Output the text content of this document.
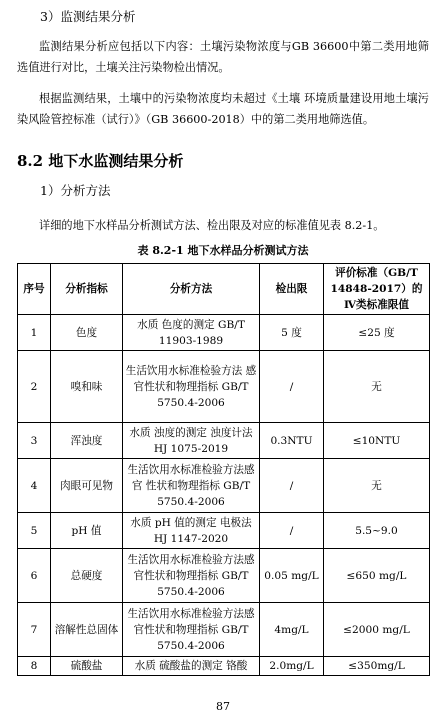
3）监测结果分析
监测结果分析应包括以下内容：土壤污染物浓度与GB 36600中第二类用地筛选值进行对比，土壤关注污染物检出情况。
根据监测结果，土壤中的污染物浓度均未超过《土壤 环境质量建设用地土壤污染风险管控标准（试行）》（GB 36600-2018）中的第二类用地筛选值。
8.2 地下水监测结果分析
1）分析方法
详细的地下水样品分析测试方法、检出限及对应的标准值见表 8.2-1。
表 8.2-1 地下水样品分析测试方法
序号	分析指标	分析方法	检出限	评价标准（GB/T 14848-2017）的Ⅳ类标准限值
1	色度	水质 色度的测定 GB/T 11903-1989	5 度	≤25 度
2	嗅和味	生活饮用水标准检验方法 感官性状和物理指标 GB/T 5750.4-2006	/	无
3	浑浊度	水质 浊度的测定 浊度计法 HJ 1075-2019	0.3NTU	≤10NTU
4	肉眼可见物	生活饮用水标准检验方法感官 性状和物理指标 GB/T 5750.4-2006	/	无
5	pH 值	水质 pH 值的测定 电极法 HJ 1147-2020	/	5.5~9.0
6	总硬度	生活饮用水标准检验方法感官性状和物理指标 GB/T 5750.4-2006	0.05 mg/L	≤650 mg/L
7	溶解性总固体	生活饮用水标准检验方法感官性状和物理指标 GB/T 5750.4-2006	4mg/L	≤2000 mg/L
8	硫酸盐	水质 硫酸盐的测定 铬酸	2.0mg/L	≤350mg/L
87
